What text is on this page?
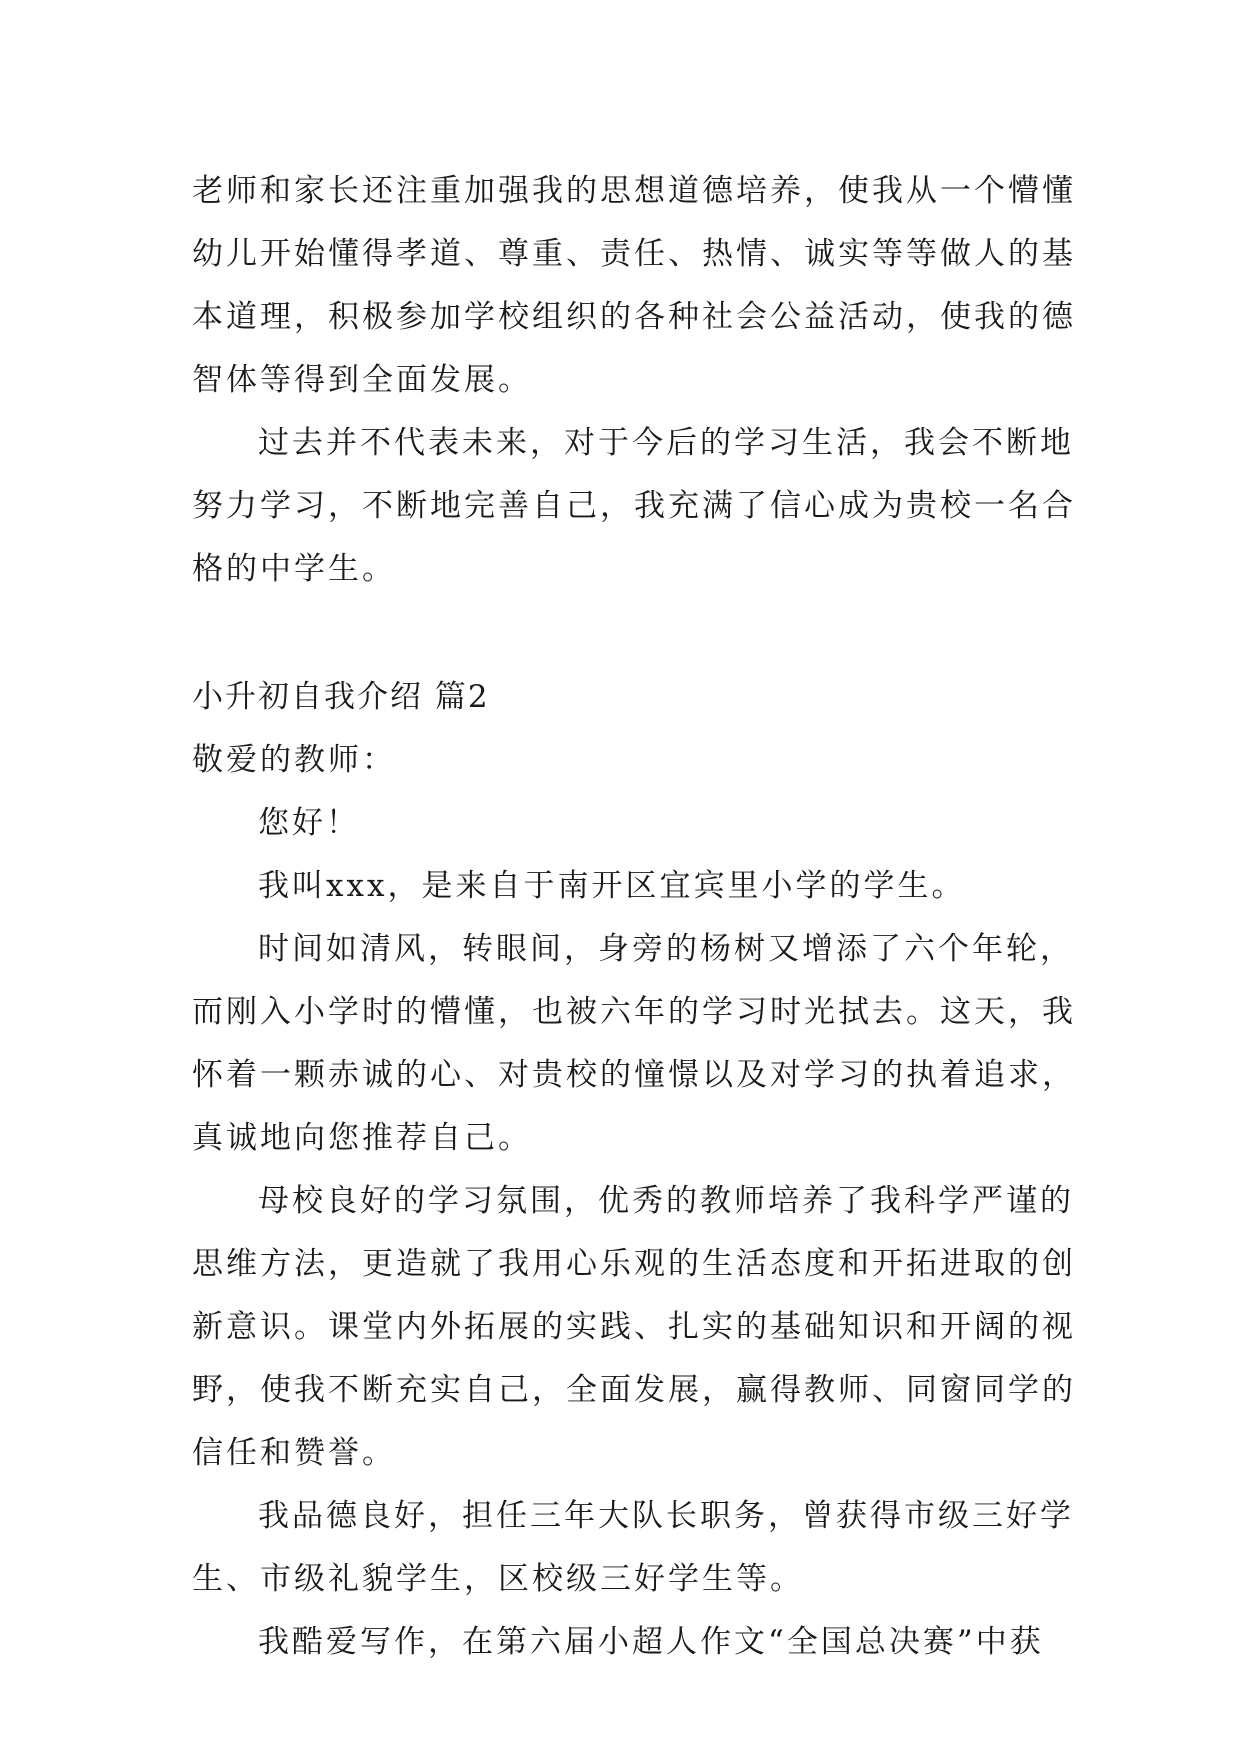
老师和家长还注重加强我的思想道德培养，使我从一个懵懂
幼儿开始懂得孝道、尊重、责任、热情、诚实等等做人的基
本道理，积极参加学校组织的各种社会公益活动，使我的德
智体等得到全面发展。
过去并不代表未来，对于今后的学习生活，我会不断地
努力学习，不断地完善自己，我充满了信心成为贵校一名合
格的中学生。
小升初自我介绍 篇2
敬爱的教师：
您好！
我叫xxx，是来自于南开区宜宾里小学的学生。
时间如清风，转眼间，身旁的杨树又增添了六个年轮，
而刚入小学时的懵懂，也被六年的学习时光拭去。这天，我
怀着一颗赤诚的心、对贵校的憧憬以及对学习的执着追求，
真诚地向您推荐自己。
母校良好的学习氛围，优秀的教师培养了我科学严谨的
思维方法，更造就了我用心乐观的生活态度和开拓进取的创
新意识。课堂内外拓展的实践、扎实的基础知识和开阔的视
野，使我不断充实自己，全面发展，赢得教师、同窗同学的
信任和赞誉。
我品德良好，担任三年大队长职务，曾获得市级三好学
生、市级礼貌学生，区校级三好学生等。
我酷爱写作，在第六届小超人作文“全国总决赛”中获
